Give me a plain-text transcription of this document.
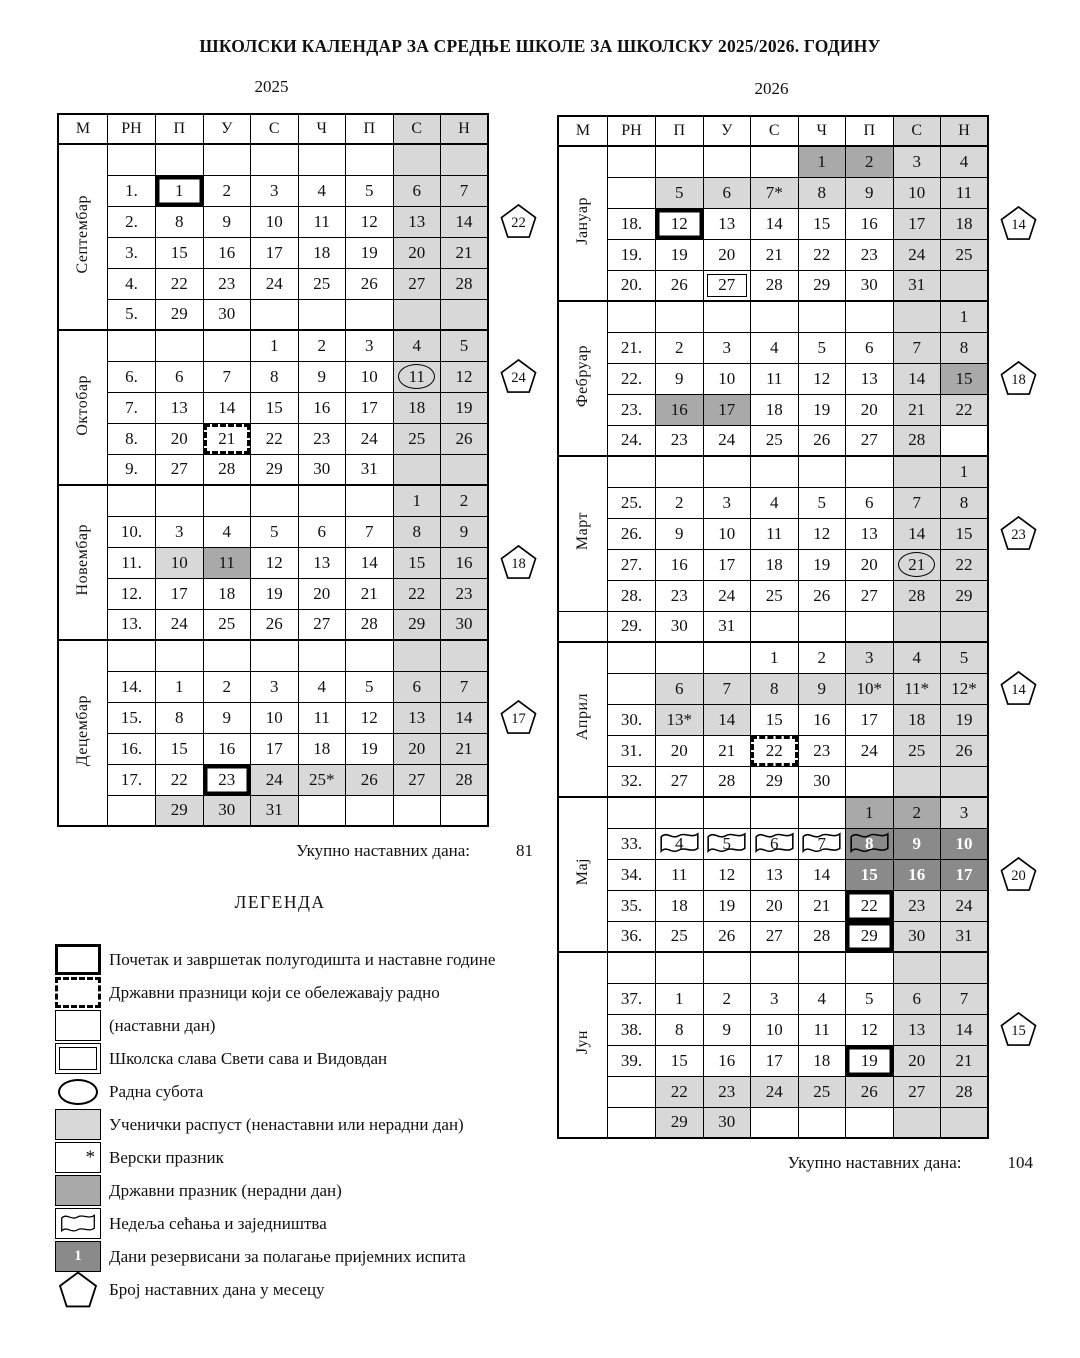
ШКОЛСКИ КАЛЕНДАР ЗА СРЕДЊЕ ШКОЛЕ ЗА ШКОЛСКУ 2025/2026. ГОДИНУ
2025
М	РН	П	У	С	Ч	П	С	Н
Септембар								
	1.	1	2	3	4	5	6	7
	2.	8	9	10	11	12	13	14
	3.	15	16	17	18	19	20	21
	4.	22	23	24	25	26	27	28
	5.	29	30					
Октобар				1	2	3	4	5
	6.	6	7	8	9	10	11	12
	7.	13	14	15	16	17	18	19
	8.	20	21	22	23	24	25	26
	9.	27	28	29	30	31		
Новембар							1	2
	10.	3	4	5	6	7	8	9
	11.	10	11	12	13	14	15	16
	12.	17	18	19	20	21	22	23
	13.	24	25	26	27	28	29	30
Децембар								
	14.	1	2	3	4	5	6	7
	15.	8	9	10	11	12	13	14
	16.	15	16	17	18	19	20	21
	17.	22	23	24	25*	26	27	28
		29	30	31				
22
24
18
17
Укупно наставних дана:	81
2026
М	РН	П	У	С	Ч	П	С	Н
Јануар					1	2	3	4
		5	6	7*	8	9	10	11
	18.	12	13	14	15	16	17	18
	19.	19	20	21	22	23	24	25
	20.	26	27	28	29	30	31	
Фебруар								1
	21.	2	3	4	5	6	7	8
	22.	9	10	11	12	13	14	15
	23.	16	17	18	19	20	21	22
	24.	23	24	25	26	27	28	
Март								1
	25.	2	3	4	5	6	7	8
	26.	9	10	11	12	13	14	15
	27.	16	17	18	19	20	21	22
	28.	23	24	25	26	27	28	29
	29.	30	31					
Април				1	2	3	4	5
		6	7	8	9	10*	11*	12*
	30.	13*	14	15	16	17	18	19
	31.	20	21	22	23	24	25	26
	32.	27	28	29	30			
Мај						1	2	3
	33.	4	5	6	7	8	9	10
	34.	11	12	13	14	15	16	17
	35.	18	19	20	21	22	23	24
	36.	25	26	27	28	29	30	31
Јун								
	37.	1	2	3	4	5	6	7
	38.	8	9	10	11	12	13	14
	39.	15	16	17	18	19	20	21
		22	23	24	25	26	27	28
		29	30					
14
18
23
14
20
15
Укупно наставних дана:	104
ЛЕГЕНДА
Почетак и завршетак полугодишта и наставне године
Државни празници који се обележавају радно
(наставни дан)
Школска слава Свети сава и Видовдан
Радна субота
Ученички распуст (ненаставни или нерадни дан)
* Верски празник
Државни празник (нерадни дан)
Недеља сећања и заједништва
1 Дани резервисани за полагање пријемних испита
Број наставних дана у месецу
